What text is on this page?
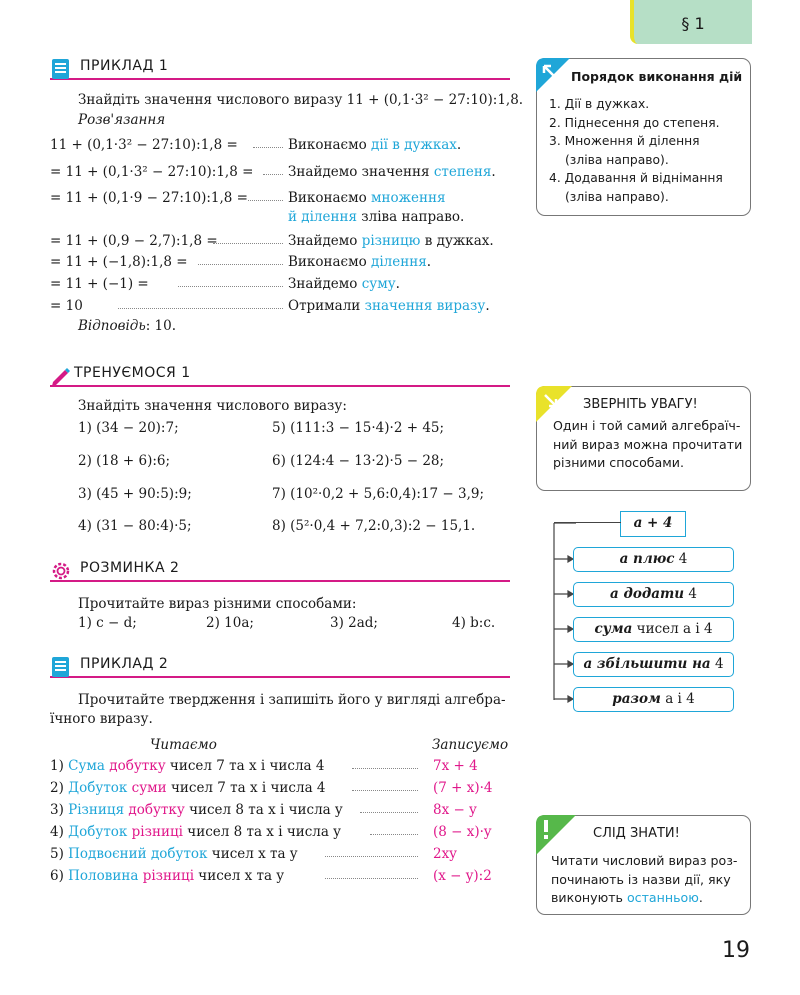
§ 1
ПРИКЛАД 1
Знайдіть значення числового виразу 11 + (0,1·3² − 27:10):1,8.
Розв'язання
11 + (0,1·3² − 27:10):1,8 =	Виконаємо дії в дужках.
= 11 + (0,1·3² − 27:10):1,8 =	Знайдемо значення степеня.
= 11 + (0,1·9 − 27:10):1,8 =	Виконаємо множення
й ділення зліва направо.
= 11 + (0,9 − 2,7):1,8 =	Знайдемо різницю в дужках.
= 11 + (−1,8):1,8 =	Виконаємо ділення.
= 11 + (−1) =	Знайдемо суму.
= 10	Отримали значення виразу.
Відповідь: 10.
Порядок виконання дій
1. Дії в дужках.
2. Піднесення до степеня.
3. Множення й ділення
(зліва направо).
4. Додавання й віднімання
(зліва направо).
ТРЕНУЄМОСЯ 1
Знайдіть значення числового виразу:
1) (34 − 20):7;	5) (111:3 − 15·4)·2 + 45;
2) (18 + 6):6;	6) (124:4 − 13·2)·5 − 28;
3) (45 + 90:5):9;	7) (10²·0,2 + 5,6:0,4):17 − 3,9;
4) (31 − 80:4)·5;	8) (5²·0,4 + 7,2:0,3):2 − 15,1.
ЗВЕРНІТЬ УВАГУ!
Один і той самий алгебраїч-
ний вираз можна прочитати
різними способами.
a + 4
a плюс 4
a додати 4
сума чисел a і 4
a збільшити на 4
разом a і 4
РОЗМИНКА 2
Прочитайте вираз різними способами:
1) c − d;	2) 10a;	3) 2ad;	4) b:c.
ПРИКЛАД 2
Прочитайте твердження і запишіть його у вигляді алгебра-
їчного виразу.
Читаємо	Записуємо
1) Сума добутку чисел 7 та x і числа 4	7x + 4
2) Добуток суми чисел 7 та x і числа 4	(7 + x)·4
3) Різниця добутку чисел 8 та x і числа y	8x − y
4) Добуток різниці чисел 8 та x і числа y	(8 − x)·y
5) Подвоєний добуток чисел x та y	2xy
6) Половина різниці чисел x та y	(x − y):2
СЛІД ЗНАТИ!
Читати числовий вираз роз-
починають із назви дії, яку
виконують останньою.
19
